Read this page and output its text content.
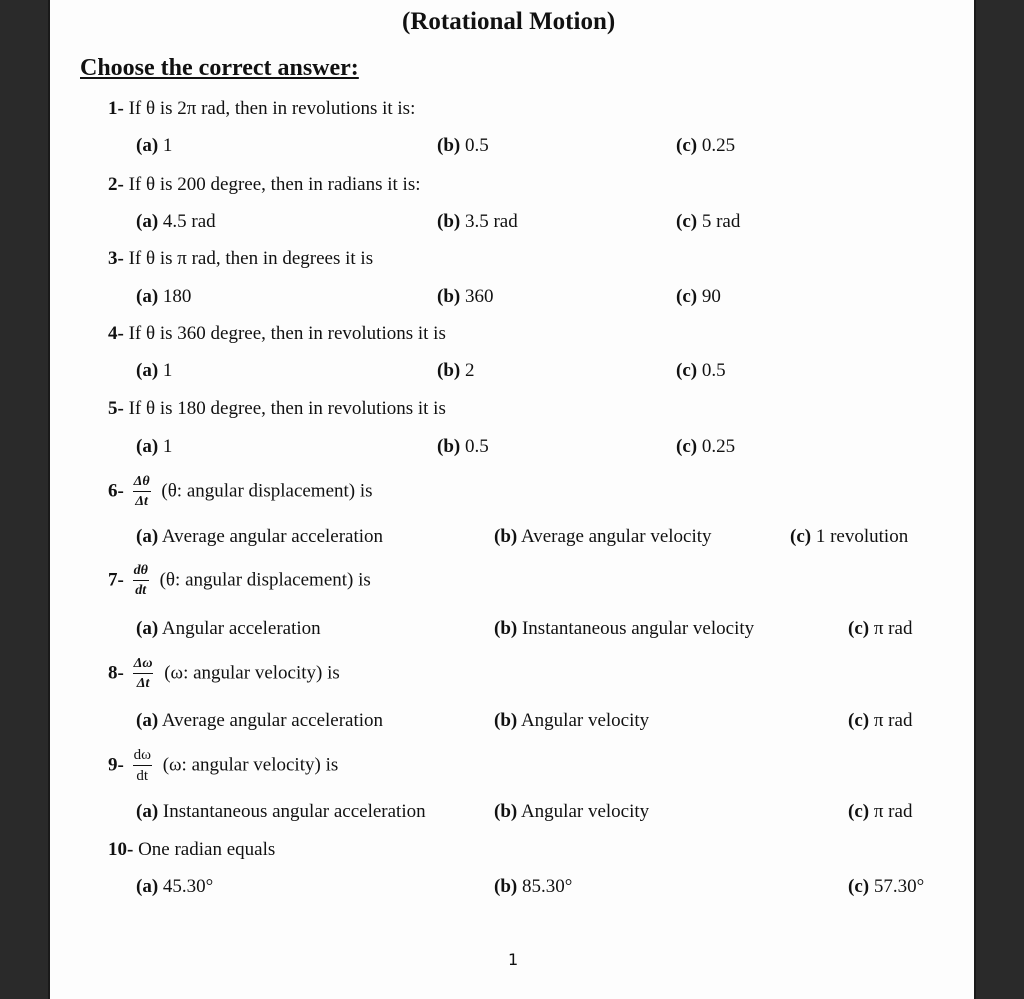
(Rotational Motion)
Choose the correct answer:
1- If θ is 2π rad, then in revolutions it is:
(a) 1	(b) 0.5	(c) 0.25
2- If θ is 200 degree, then in radians it is:
(a) 4.5 rad	(b) 3.5 rad	(c) 5 rad
3- If θ is π rad, then in degrees it is
(a) 180	(b) 360	(c) 90
4- If θ is 360 degree, then in revolutions it is
(a) 1	(b) 2	(c) 0.5
5- If θ is 180 degree, then in revolutions it is
(a) 1	(b) 0.5	(c) 0.25
$6- \frac{\Delta\theta}{\Delta t} (\theta$: angular displacement) is
(a) Average angular acceleration	(b) Average angular velocity	(c) 1 revolution
$7- \frac{d\theta}{dt} (\theta$: angular displacement) is
(a) Angular acceleration	(b) Instantaneous angular velocity	(c) π rad
$8- \frac{\Delta\omega}{\Delta t} (\omega$: angular velocity) is
(a) Average angular acceleration	(b) Angular velocity	(c) π rad
$9- \frac{d\omega}{dt} (\omega$: angular velocity) is
(a) Instantaneous angular acceleration	(b) Angular velocity	(c) π rad
10- One radian equals
(a) 45.30°	(b) 85.30°	(c) 57.30°
1
